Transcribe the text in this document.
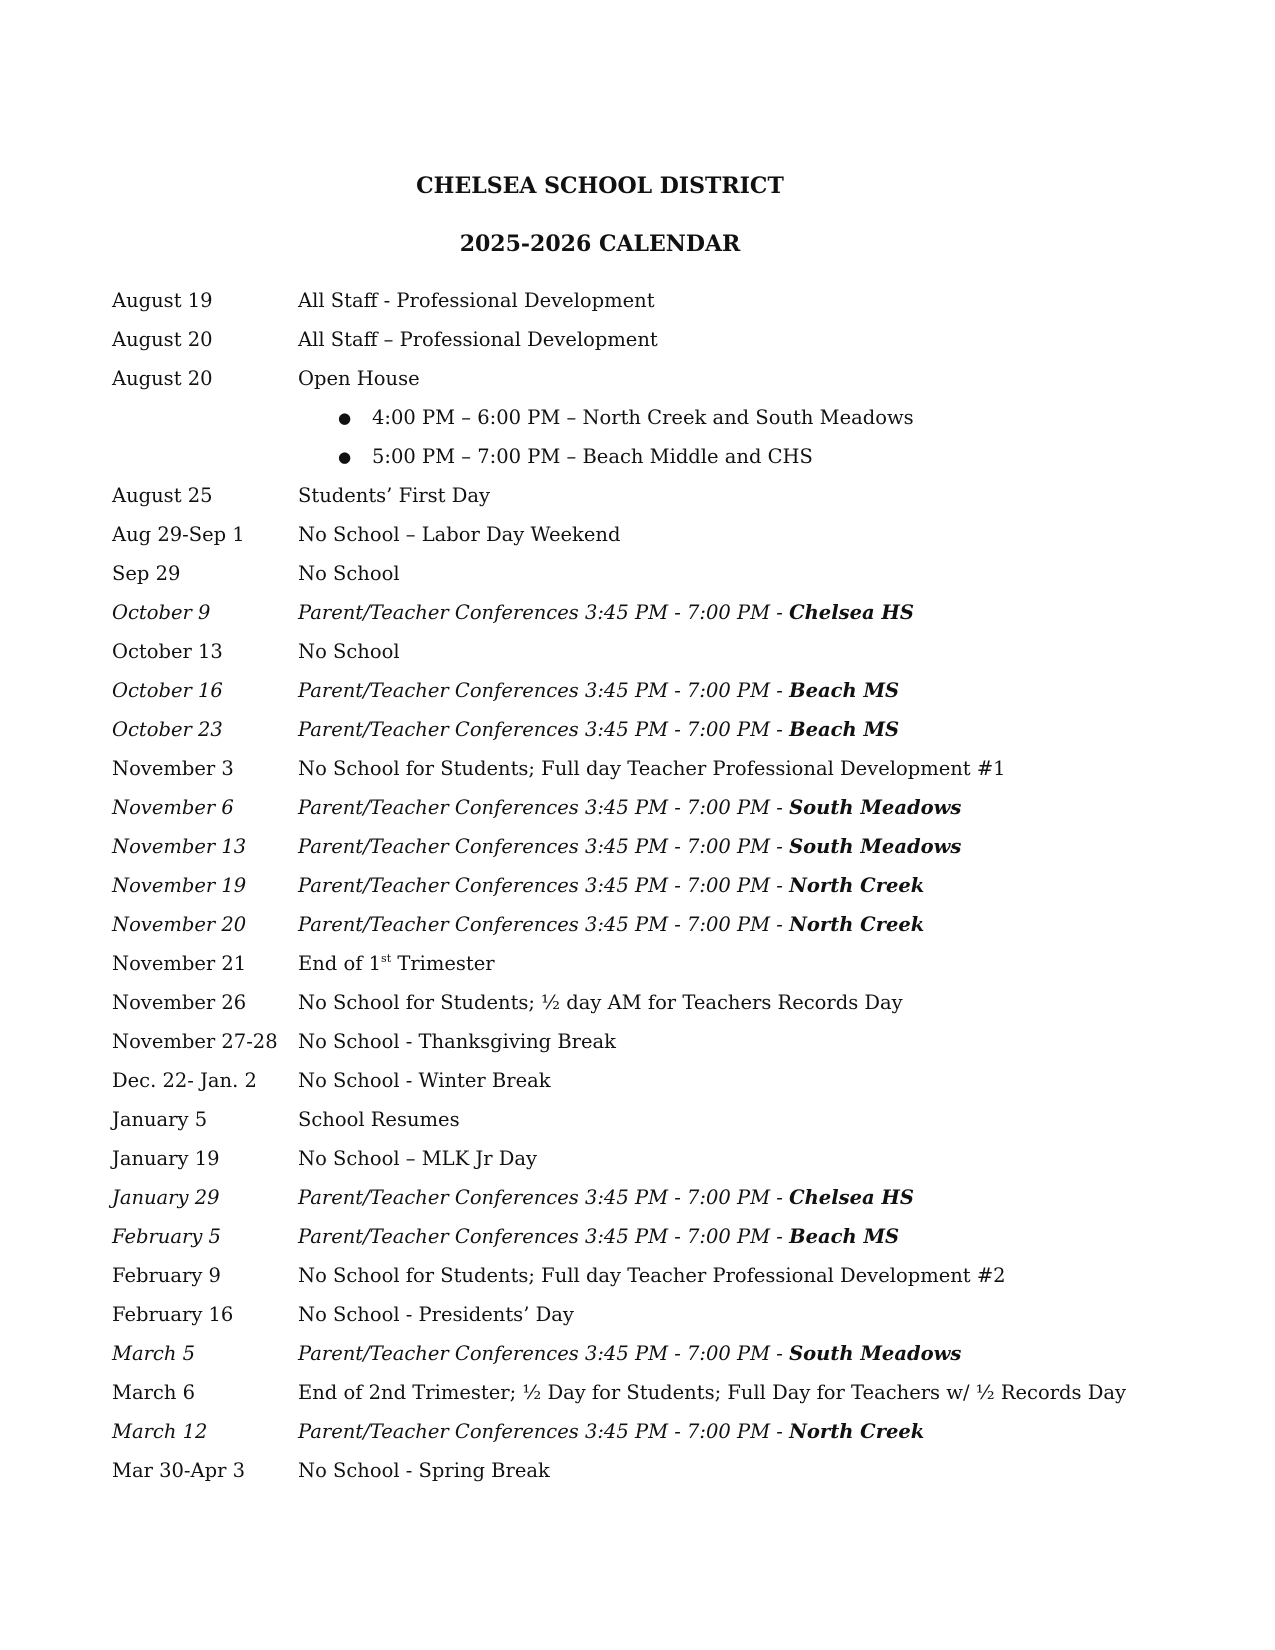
CHELSEA SCHOOL DISTRICT
2025-2026 CALENDAR
August 19	All Staff - Professional Development
August 20	All Staff – Professional Development
August 20	Open House
● 4:00 PM – 6:00 PM – North Creek and South Meadows
● 5:00 PM – 7:00 PM – Beach Middle and CHS
August 25	Students’ First Day
Aug 29-Sep 1	No School – Labor Day Weekend
Sep 29	No School
October 9	Parent/Teacher Conferences 3:45 PM - 7:00 PM - Chelsea HS
October 13	No School
October 16	Parent/Teacher Conferences 3:45 PM - 7:00 PM - Beach MS
October 23	Parent/Teacher Conferences 3:45 PM - 7:00 PM - Beach MS
November 3	No School for Students; Full day Teacher Professional Development #1
November 6	Parent/Teacher Conferences 3:45 PM - 7:00 PM - South Meadows
November 13	Parent/Teacher Conferences 3:45 PM - 7:00 PM - South Meadows
November 19	Parent/Teacher Conferences 3:45 PM - 7:00 PM - North Creek
November 20	Parent/Teacher Conferences 3:45 PM - 7:00 PM - North Creek
November 21	End of 1st Trimester
November 26	No School for Students; ½ day AM for Teachers Records Day
November 27-28 No School - Thanksgiving Break
Dec. 22- Jan. 2 No School - Winter Break
January 5	School Resumes
January 19	No School – MLK Jr Day
January 29	Parent/Teacher Conferences 3:45 PM - 7:00 PM - Chelsea HS
February 5	Parent/Teacher Conferences 3:45 PM - 7:00 PM - Beach MS
February 9	No School for Students; Full day Teacher Professional Development #2
February 16	No School - Presidents’ Day
March 5	Parent/Teacher Conferences 3:45 PM - 7:00 PM - South Meadows
March 6	End of 2nd Trimester; ½ Day for Students; Full Day for Teachers w/ ½ Records Day
March 12	Parent/Teacher Conferences 3:45 PM - 7:00 PM - North Creek
Mar 30-Apr 3	No School - Spring Break
